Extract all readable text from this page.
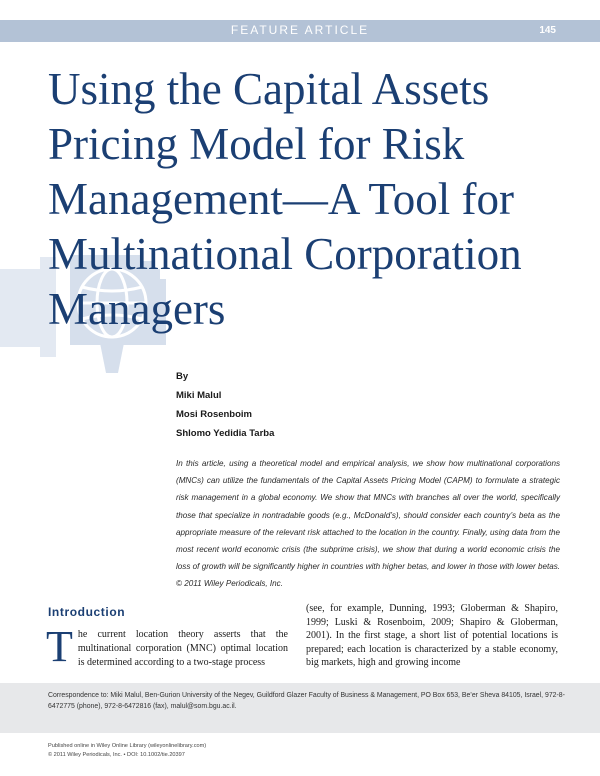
FEATURE ARTICLE	145
Using the Capital Assets Pricing Model for Risk Management—A Tool for Multinational Corporation Managers
By
Miki Malul
Mosi Rosenboim
Shlomo Yedidia Tarba

In this article, using a theoretical model and empirical analysis, we show how multinational corporations (MNCs) can utilize the fundamentals of the Capital Assets Pricing Model (CAPM) to formulate a strategic risk management in a global economy. We show that MNCs with branches all over the world, specifically those that specialize in nontradable goods (e.g., McDonald’s), should consider each country’s beta as the appropriate measure of the relevant risk attached to the location in the country. Finally, using data from the most recent world economic crisis (the subprime crisis), we show that during a world economic crisis the loss of growth will be significantly higher in countries with higher betas, and lower in those with lower betas. © 2011 Wiley Periodicals, Inc.

Introduction
T he current location theory asserts that the multinational corporation (MNC) optimal location is determined according to a two-stage process

(see, for example, Dunning, 1993; Globerman & Shapiro, 1999; Luski & Rosenboim, 2009; Shapiro & Globerman, 2001). In the first stage, a short list of potential locations is prepared; each location is characterized by a stable economy, big markets, high and growing income

Correspondence to: Miki Malul, Ben-Gurion University of the Negev, Guildford Glazer Faculty of Business & Management, PO Box 653, Be’er Sheva 84105, Israel, 972-8-6472775 (phone), 972-8-6472816 (fax), malul@som.bgu.ac.il.

Published online in Wiley Online Library (wileyonlinelibrary.com)
© 2011 Wiley Periodicals, Inc. • DOI: 10.1002/tie.20397
